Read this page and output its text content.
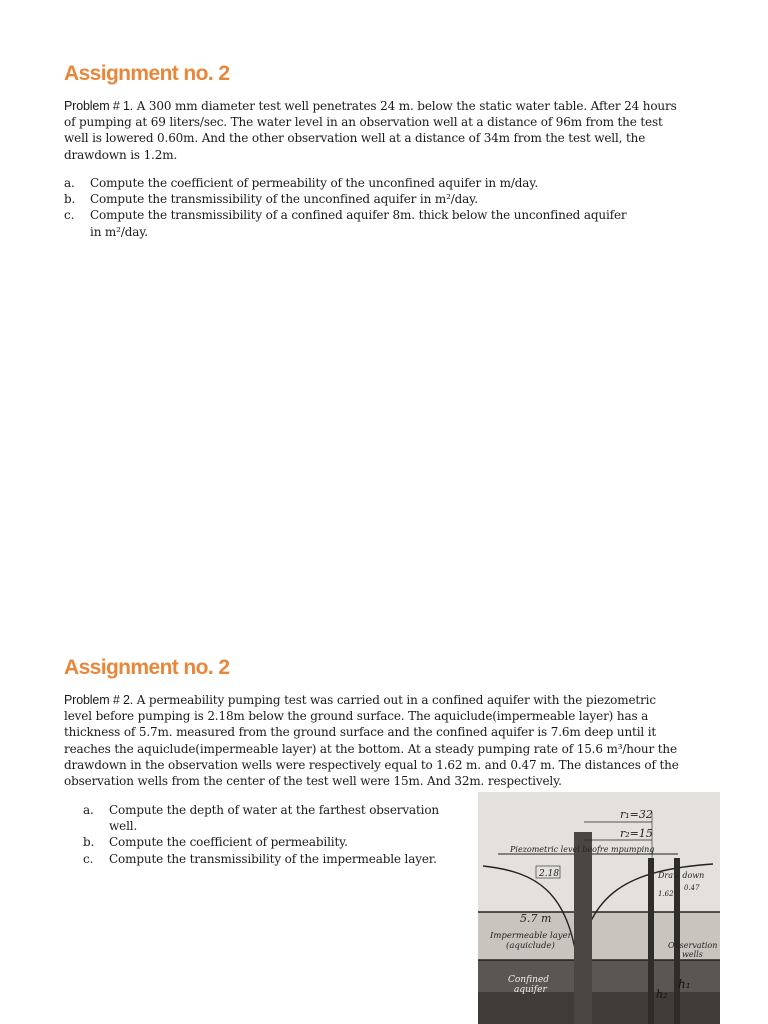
Assignment no. 2

Problem # 1. A 300 mm diameter test well penetrates 24 m. below the static water table. After 24 hours of pumping at 69 liters/sec. The water level in an observation well at a distance of 96m from the test well is lowered 0.60m. And the other observation well at a distance of 34m from the test well, the drawdown is 1.2m.

a.	Compute the coefficient of permeability of the unconfined aquifer in m/day.
b.	Compute the transmissibility of the unconfined aquifer in m²/day.
c.	Compute the transmissibility of a confined aquifer 8m. thick below the unconfined aquifer
in m²/day.
Assignment no. 2

Problem # 2. A permeability pumping test was carried out in a confined aquifer with the piezometric level before pumping is 2.18m below the ground surface. The aquiclude(impermeable layer) has a thickness of 5.7m. measured from the ground surface and the confined aquifer is 7.6m deep until it reaches the aquiclude(impermeable layer) at the bottom. At a steady pumping rate of 15.6 m³/hour the drawdown in the observation wells were respectively equal to 1.62 m. and 0.47 m. The distances of the observation wells from the center of the test well were 15m. And 32m. respectively.

a.	Compute the depth of water at the farthest observation well.
b.	Compute the coefficient of permeability.
c.	Compute the transmissibility of the impermeable layer.
r₁=32
r₂=15
Piezometric level beofre mpumping
2.18	Draw down
0.47
1.62
5.7 m
Impermeable layer
(aquiclude)	Observation
wells
Confined
aquifer	h₁
h₂
